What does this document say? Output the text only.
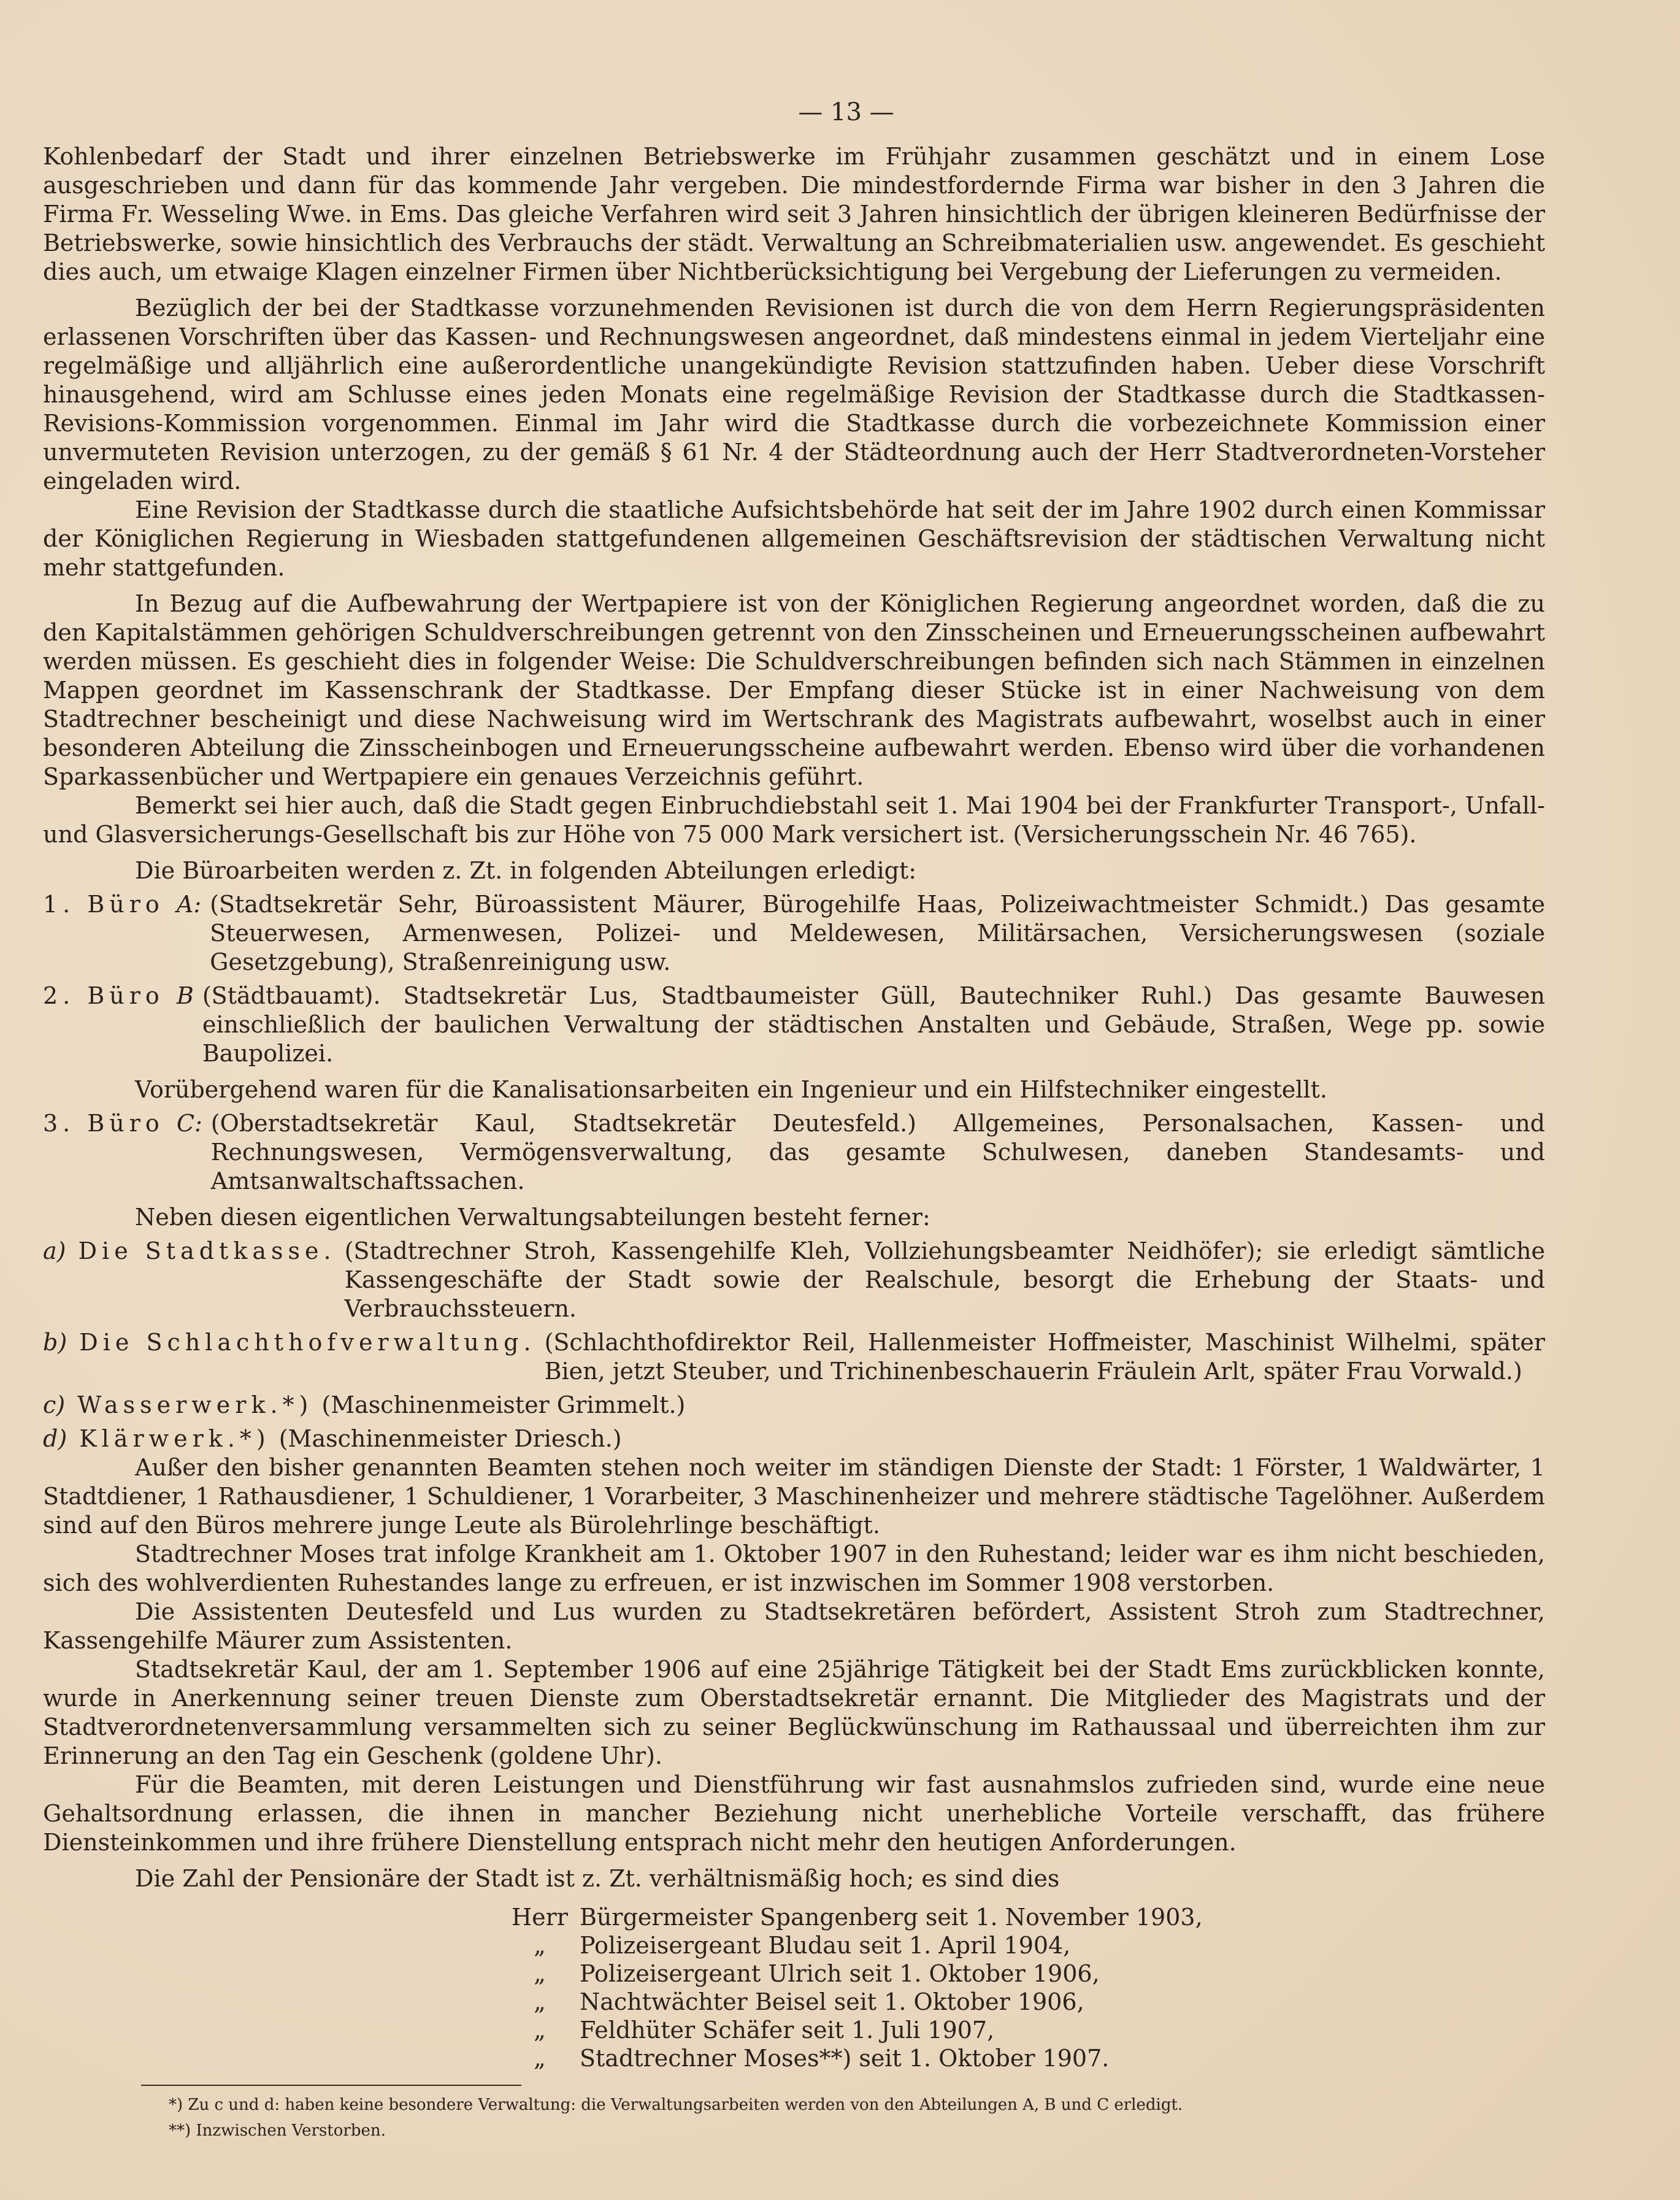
— 13 —

Kohlenbedarf der Stadt und ihrer einzelnen Betriebswerke im Frühjahr zusammen geschätzt und in einem Lose ausgeschrieben und dann für das kommende Jahr vergeben. Die mindestfordernde Firma war bisher in den 3 Jahren die Firma Fr. Wesseling Wwe. in Ems. Das gleiche Verfahren wird seit 3 Jahren hinsichtlich der übrigen kleineren Bedürfnisse der Betriebswerke, sowie hinsichtlich des Verbrauchs der städt. Verwaltung an Schreibmaterialien usw. angewendet. Es geschieht dies auch, um etwaige Klagen einzelner Firmen über Nichtberücksichtigung bei Vergebung der Lieferungen zu vermeiden.

Bezüglich der bei der Stadtkasse vorzunehmenden Revisionen ist durch die von dem Herrn Regierungspräsidenten erlassenen Vorschriften über das Kassen- und Rechnungswesen angeordnet, daß mindestens einmal in jedem Vierteljahr eine regelmäßige und alljährlich eine außerordentliche unangekündigte Revision stattzufinden haben. Ueber diese Vorschrift hinausgehend, wird am Schlusse eines jeden Monats eine regelmäßige Revision der Stadtkasse durch die Stadtkassen-Revisions-Kommission vorgenommen. Einmal im Jahr wird die Stadtkasse durch die vorbezeichnete Kommission einer unvermuteten Revision unterzogen, zu der gemäß § 61 Nr. 4 der Städteordnung auch der Herr Stadtverordneten-Vorsteher eingeladen wird.

Eine Revision der Stadtkasse durch die staatliche Aufsichtsbehörde hat seit der im Jahre 1902 durch einen Kommissar der Königlichen Regierung in Wiesbaden stattgefundenen allgemeinen Geschäftsrevision der städtischen Verwaltung nicht mehr stattgefunden.

In Bezug auf die Aufbewahrung der Wertpapiere ist von der Königlichen Regierung angeordnet worden, daß die zu den Kapitalstämmen gehörigen Schuldverschreibungen getrennt von den Zinsscheinen und Erneuerungsscheinen aufbewahrt werden müssen. Es geschieht dies in folgender Weise: Die Schuldverschreibungen befinden sich nach Stämmen in einzelnen Mappen geordnet im Kassenschrank der Stadtkasse. Der Empfang dieser Stücke ist in einer Nachweisung von dem Stadtrechner bescheinigt und diese Nachweisung wird im Wertschrank des Magistrats aufbewahrt, woselbst auch in einer besonderen Abteilung die Zinsscheinbogen und Erneuerungsscheine aufbewahrt werden. Ebenso wird über die vorhandenen Sparkassenbücher und Wertpapiere ein genaues Verzeichnis geführt.

Bemerkt sei hier auch, daß die Stadt gegen Einbruchdiebstahl seit 1. Mai 1904 bei der Frankfurter Transport-, Unfall- und Glasversicherungs-Gesellschaft bis zur Höhe von 75 000 Mark versichert ist. (Versicherungsschein Nr. 46 765).

Die Büroarbeiten werden z. Zt. in folgenden Abteilungen erledigt:

1. Büro A: (Stadtsekretär Sehr, Büroassistent Mäurer, Bürogehilfe Haas, Polizeiwachtmeister Schmidt.) Das gesamte Steuerwesen, Armenwesen, Polizei- und Meldewesen, Militärsachen, Versicherungswesen (soziale Gesetzgebung), Straßenreinigung usw.
2. Büro B (Städtbauamt). Stadtsekretär Lus, Stadtbaumeister Güll, Bautechniker Ruhl.) Das gesamte Bauwesen einschließlich der baulichen Verwaltung der städtischen Anstalten und Gebäude, Straßen, Wege pp. sowie Baupolizei.

Vorübergehend waren für die Kanalisationsarbeiten ein Ingenieur und ein Hilfstechniker eingestellt.

3. Büro C: (Oberstadtsekretär Kaul, Stadtsekretär Deutesfeld.) Allgemeines, Personalsachen, Kassen- und Rechnungswesen, Vermögensverwaltung, das gesamte Schulwesen, daneben Standesamts- und Amtsanwaltschaftssachen.

Neben diesen eigentlichen Verwaltungsabteilungen besteht ferner:

a) Die Stadtkasse. (Stadtrechner Stroh, Kassengehilfe Kleh, Vollziehungsbeamter Neidhöfer); sie erledigt sämtliche Kassengeschäfte der Stadt sowie der Realschule, besorgt die Erhebung der Staats- und Verbrauchssteuern.
b) Die Schlachthofverwaltung. (Schlachthofdirektor Reil, Hallenmeister Hoffmeister, Maschinist Wilhelmi, später Bien, jetzt Steuber, und Trichinenbeschauerin Fräulein Arlt, später Frau Vorwald.)
c) Wasserwerk.*) (Maschinenmeister Grimmelt.)
d) Klärwerk.*) (Maschinenmeister Driesch.)

Außer den bisher genannten Beamten stehen noch weiter im ständigen Dienste der Stadt: 1 Förster, 1 Waldwärter, 1 Stadtdiener, 1 Rathausdiener, 1 Schuldiener, 1 Vorarbeiter, 3 Maschinenheizer und mehrere städtische Tagelöhner. Außerdem sind auf den Büros mehrere junge Leute als Bürolehrlinge beschäftigt.

Stadtrechner Moses trat infolge Krankheit am 1. Oktober 1907 in den Ruhestand; leider war es ihm nicht beschieden, sich des wohlverdienten Ruhestandes lange zu erfreuen, er ist inzwischen im Sommer 1908 verstorben.

Die Assistenten Deutesfeld und Lus wurden zu Stadtsekretären befördert, Assistent Stroh zum Stadtrechner, Kassengehilfe Mäurer zum Assistenten.

Stadtsekretär Kaul, der am 1. September 1906 auf eine 25jährige Tätigkeit bei der Stadt Ems zurückblicken konnte, wurde in Anerkennung seiner treuen Dienste zum Oberstadtsekretär ernannt. Die Mitglieder des Magistrats und der Stadtverordnetenversammlung versammelten sich zu seiner Beglückwünschung im Rathaussaal und überreichten ihm zur Erinnerung an den Tag ein Geschenk (goldene Uhr).

Für die Beamten, mit deren Leistungen und Dienstführung wir fast ausnahmslos zufrieden sind, wurde eine neue Gehaltsordnung erlassen, die ihnen in mancher Beziehung nicht unerhebliche Vorteile verschafft, das frühere Diensteinkommen und ihre frühere Dienstellung entsprach nicht mehr den heutigen Anforderungen.

Die Zahl der Pensionäre der Stadt ist z. Zt. verhältnismäßig hoch; es sind dies

Herr Bürgermeister Spangenberg seit 1. November 1903,
„	Polizeisergeant Bludau seit 1. April 1904,
„	Polizeisergeant Ulrich seit 1. Oktober 1906,
„	Nachtwächter Beisel seit 1. Oktober 1906,
„	Feldhüter Schäfer seit 1. Juli 1907,
„	Stadtrechner Moses**) seit 1. Oktober 1907.
*) Zu c und d: haben keine besondere Verwaltung: die Verwaltungsarbeiten werden von den Abteilungen A, B und C erledigt.
**) Inzwischen Verstorben.
